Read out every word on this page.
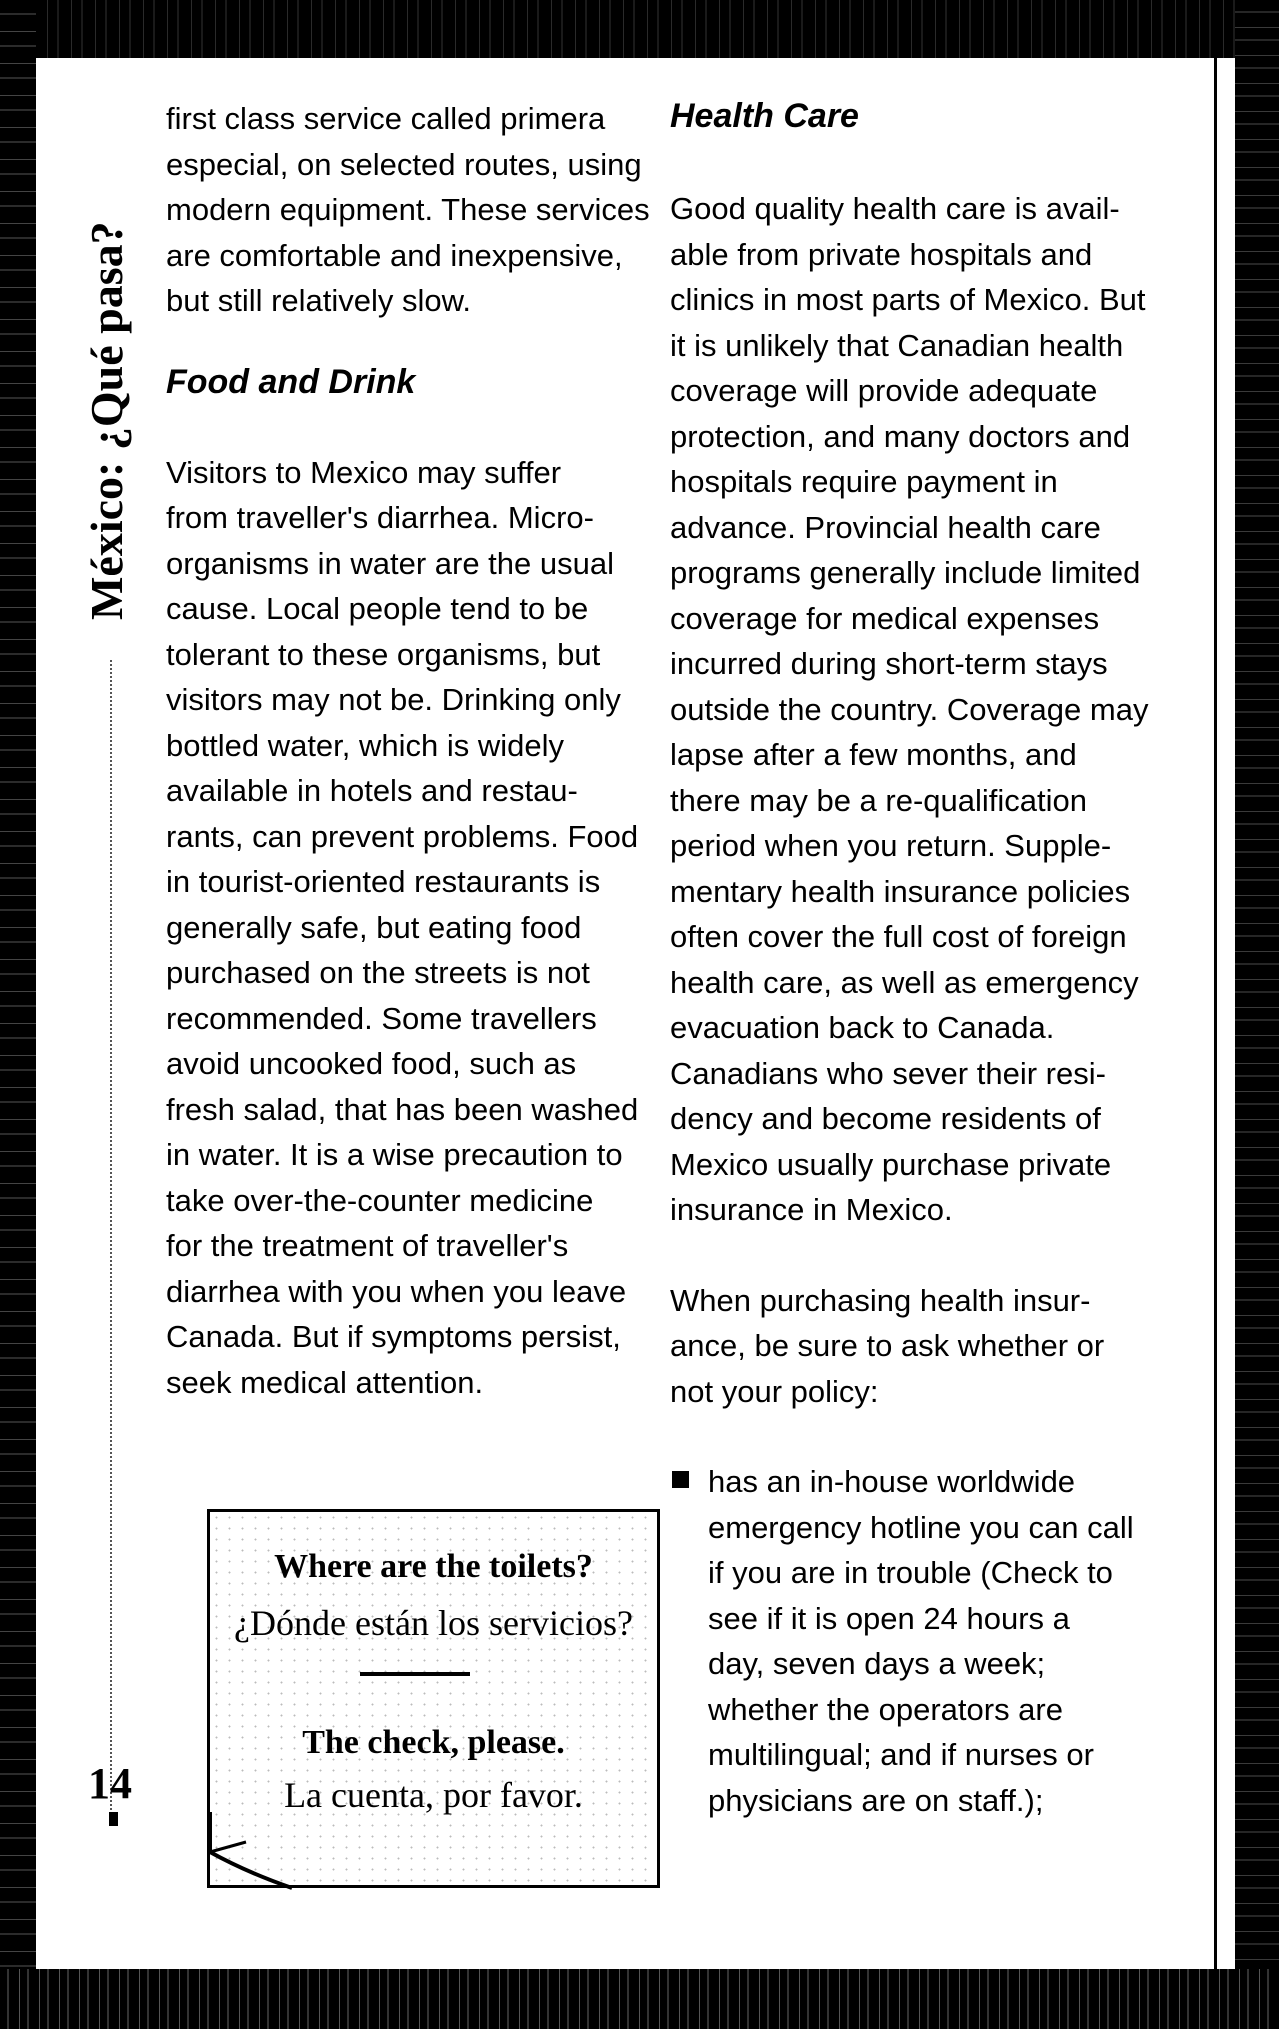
México: ¿Qué pasa?
14

first class service called primera
especial, on selected routes, using
modern equipment. These services
are comfortable and inexpensive,
but still relatively slow.

Food and Drink

Visitors to Mexico may suffer
from traveller's diarrhea. Micro-
organisms in water are the usual
cause. Local people tend to be
tolerant to these organisms, but
visitors may not be. Drinking only
bottled water, which is widely
available in hotels and restau-
rants, can prevent problems. Food
in tourist-oriented restaurants is
generally safe, but eating food
purchased on the streets is not
recommended. Some travellers
avoid uncooked food, such as
fresh salad, that has been washed
in water. It is a wise precaution to
take over-the-counter medicine
for the treatment of traveller's
diarrhea with you when you leave
Canada. But if symptoms persist,
seek medical attention.

Where are the toilets?
¿Dónde están los servicios?
The check, please.
La cuenta, por favor.
Health Care

Good quality health care is avail-
able from private hospitals and
clinics in most parts of Mexico. But
it is unlikely that Canadian health
coverage will provide adequate
protection, and many doctors and
hospitals require payment in
advance. Provincial health care
programs generally include limited
coverage for medical expenses
incurred during short-term stays
outside the country. Coverage may
lapse after a few months, and
there may be a re-qualification
period when you return. Supple-
mentary health insurance policies
often cover the full cost of foreign
health care, as well as emergency
evacuation back to Canada.
Canadians who sever their resi-
dency and become residents of
Mexico usually purchase private
insurance in Mexico.

When purchasing health insur-
ance, be sure to ask whether or
not your policy:

has an in-house worldwide
emergency hotline you can call
if you are in trouble (Check to
see if it is open 24 hours a
day, seven days a week;
whether the operators are
multilingual; and if nurses or
physicians are on staff.);
